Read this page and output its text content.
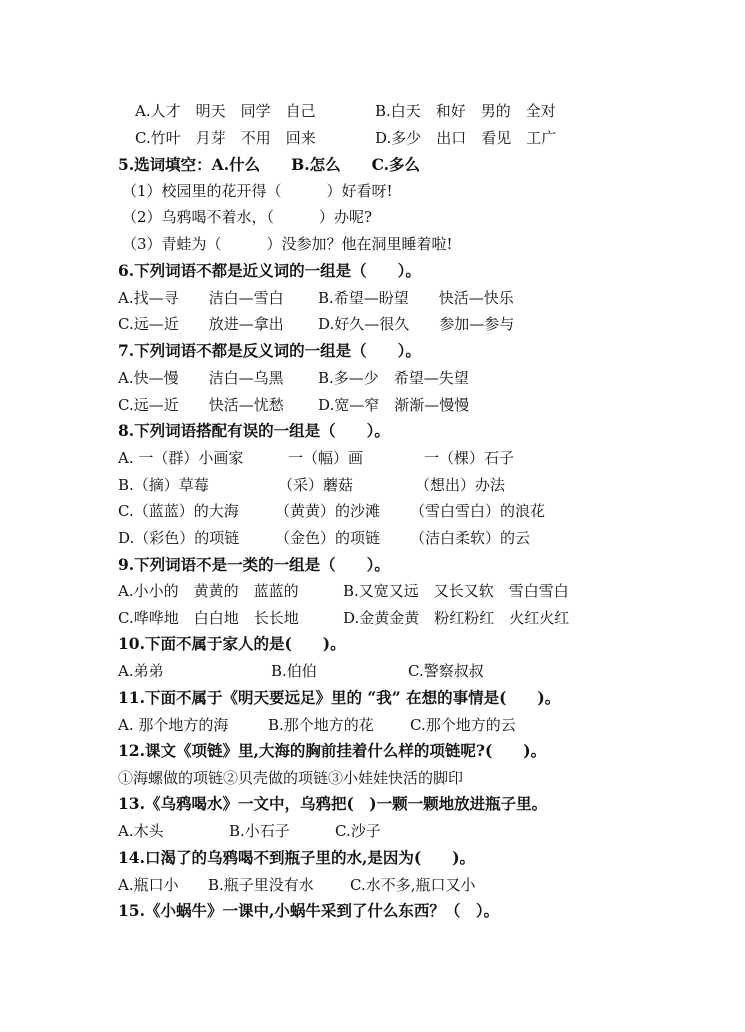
A.人才　明天　同学　自己	B.白天　和好　男的　全对
C.竹叶　月芽　不用　回来	D.多少　出口　看见　工广
5.选词填空：A.什么　　B.怎么　　C.多么
（1）校园里的花开得（　　　）好看呀!
（2）乌鸦喝不着水，（　　　）办呢?
（3）青蛙为（　　　）没参加？他在洞里睡着啦!
6.下列词语不都是近义词的一组是（　　）。
A.找—寻　　洁白—雪白 B.希望—盼望　　快活—快乐
C.远—近　　放进—拿出 D.好久—很久　　参加—参与
7.下列词语不都是反义词的一组是（　　）。
A.快—慢　　洁白—乌黑 B.多—少　希望—失望
C.远—近　　快活—忧愁 D.宽—窄　渐渐—慢慢
8.下列词语搭配有误的一组是（　　）。
A. 一（群）小画家	一（幅）画	一（棵）石子
B.（摘）草莓	（采）蘑菇	（想出）办法
C.（蓝蓝）的大海 （黄黄）的沙滩 （雪白雪白）的浪花
D.（彩色）的项链 （金色）的项链 （洁白柔软）的云
9.下列词语不是一类的一组是（　　）。
A.小小的　黄黄的　蓝蓝的	B.又宽又远　又长又软　雪白雪白
C.哗哗地　白白地　长长地	D.金黄金黄　粉红粉红　火红火红
10.下面不属于家人的是(　　)。
A.弟弟	B.伯伯	C.警察叔叔
11.下面不属于《明天要远足》里的 “我” 在想的事情是(　　)。
A. 那个地方的海	B.那个地方的花 C.那个地方的云
12.课文《项链》里,大海的胸前挂着什么样的项链呢?(　　)。
①海螺做的项链②贝壳做的项链③小娃娃快活的脚印
13.《乌鸦喝水》一文中，乌鸦把(　)一颗一颗地放进瓶子里。
A.木头	B.小石子	C.沙子
14.口渴了的乌鸦喝不到瓶子里的水,是因为(　　)。
A.瓶口小 B.瓶子里没有水 C.水不多,瓶口又小
15.《小蜗牛》一课中,小蜗牛采到了什么东西？（　）。
